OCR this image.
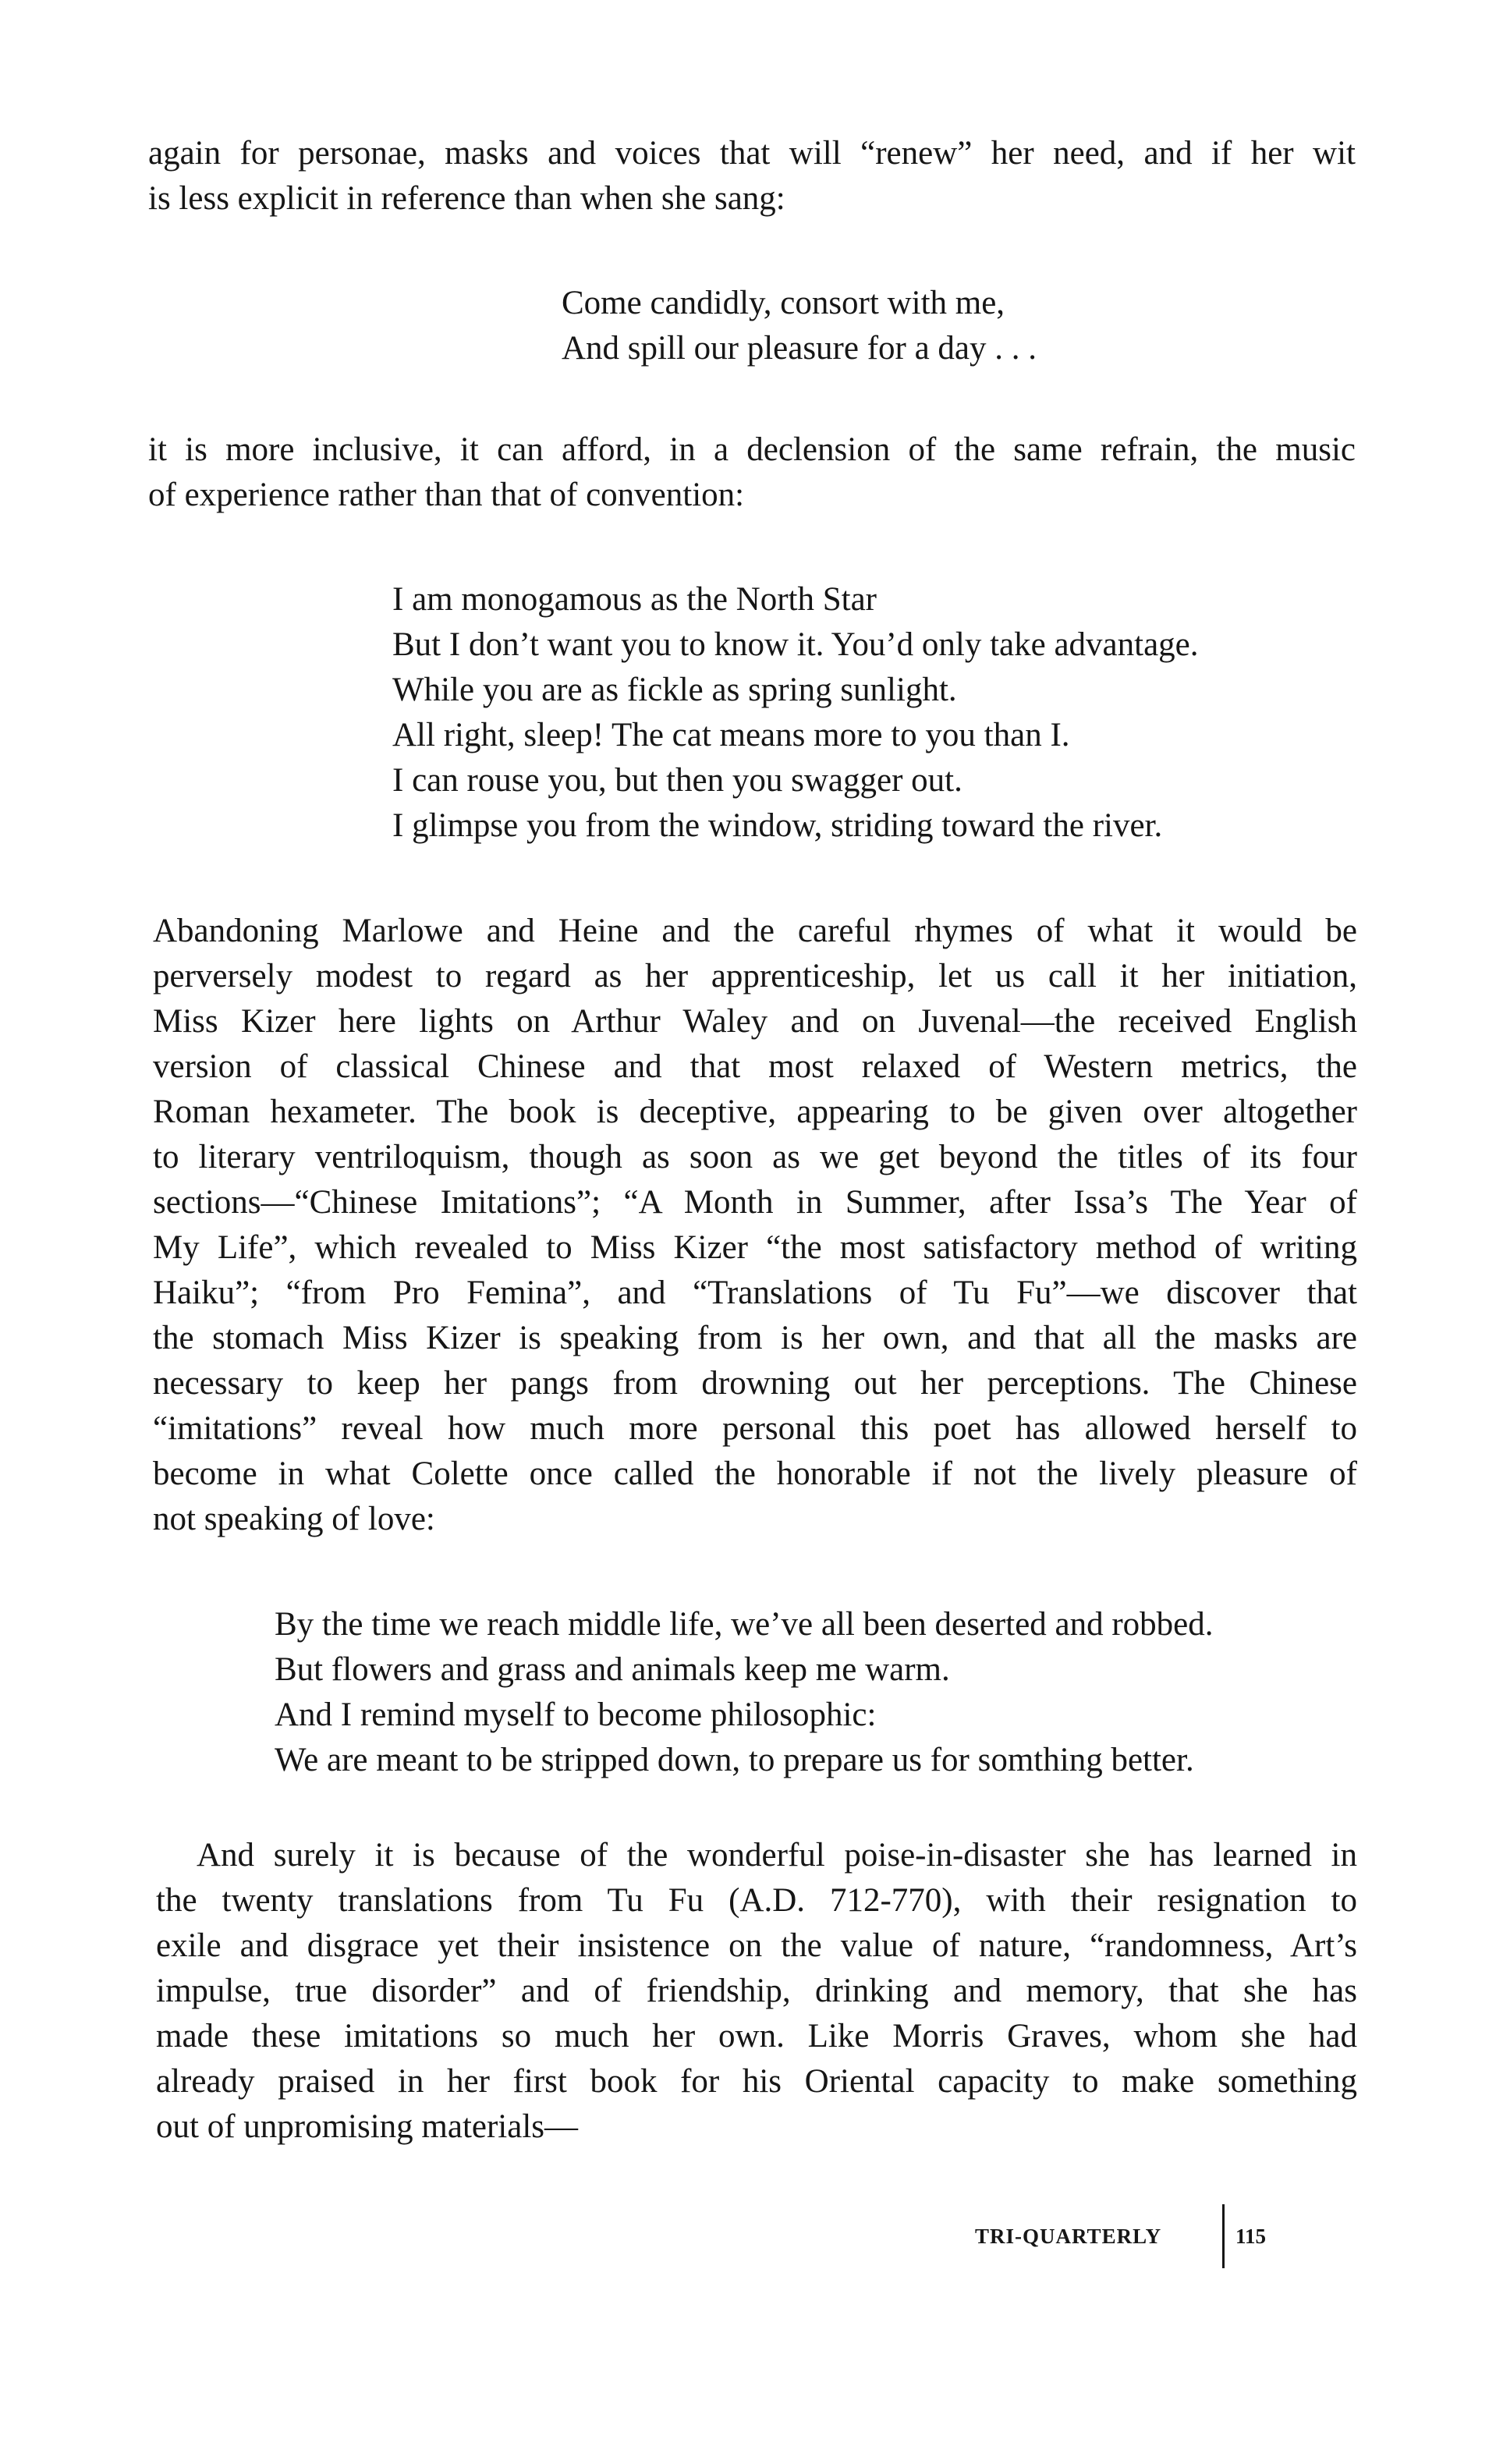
again for personae, masks and voices that will “renew” her need, and if her wit
is less explicit in reference than when she sang:
Come candidly, consort with me,
And spill our pleasure for a day . . .
it is more inclusive, it can afford, in a declension of the same refrain, the music
of experience rather than that of convention:
I am monogamous as the North Star
But I don’t want you to know it. You’d only take advantage.
While you are as fickle as spring sunlight.
All right, sleep! The cat means more to you than I.
I can rouse you, but then you swagger out.
I glimpse you from the window, striding toward the river.
Abandoning Marlowe and Heine and the careful rhymes of what it would be
perversely modest to regard as her apprenticeship, let us call it her initiation,
Miss Kizer here lights on Arthur Waley and on Juvenal—the received English
version of classical Chinese and that most relaxed of Western metrics, the
Roman hexameter. The book is deceptive, appearing to be given over altogether
to literary ventriloquism, though as soon as we get beyond the titles of its four
sections—“Chinese Imitations”; “A Month in Summer, after Issa’s The Year of
My Life”, which revealed to Miss Kizer “the most satisfactory method of writing
Haiku”; “from Pro Femina”, and “Translations of Tu Fu”—we discover that
the stomach Miss Kizer is speaking from is her own, and that all the masks are
necessary to keep her pangs from drowning out her perceptions. The Chinese
“imitations” reveal how much more personal this poet has allowed herself to
become in what Colette once called the honorable if not the lively pleasure of
not speaking of love:
By the time we reach middle life, we’ve all been deserted and robbed.
But flowers and grass and animals keep me warm.
And I remind myself to become philosophic:
We are meant to be stripped down, to prepare us for somthing better.
And surely it is because of the wonderful poise-in-disaster she has learned in
the twenty translations from Tu Fu (A.D. 712-770), with their resignation to
exile and disgrace yet their insistence on the value of nature, “randomness, Art’s
impulse, true disorder” and of friendship, drinking and memory, that she has
made these imitations so much her own. Like Morris Graves, whom she had
already praised in her first book for his Oriental capacity to make something
out of unpromising materials—
TRI-QUARTERLY	115
